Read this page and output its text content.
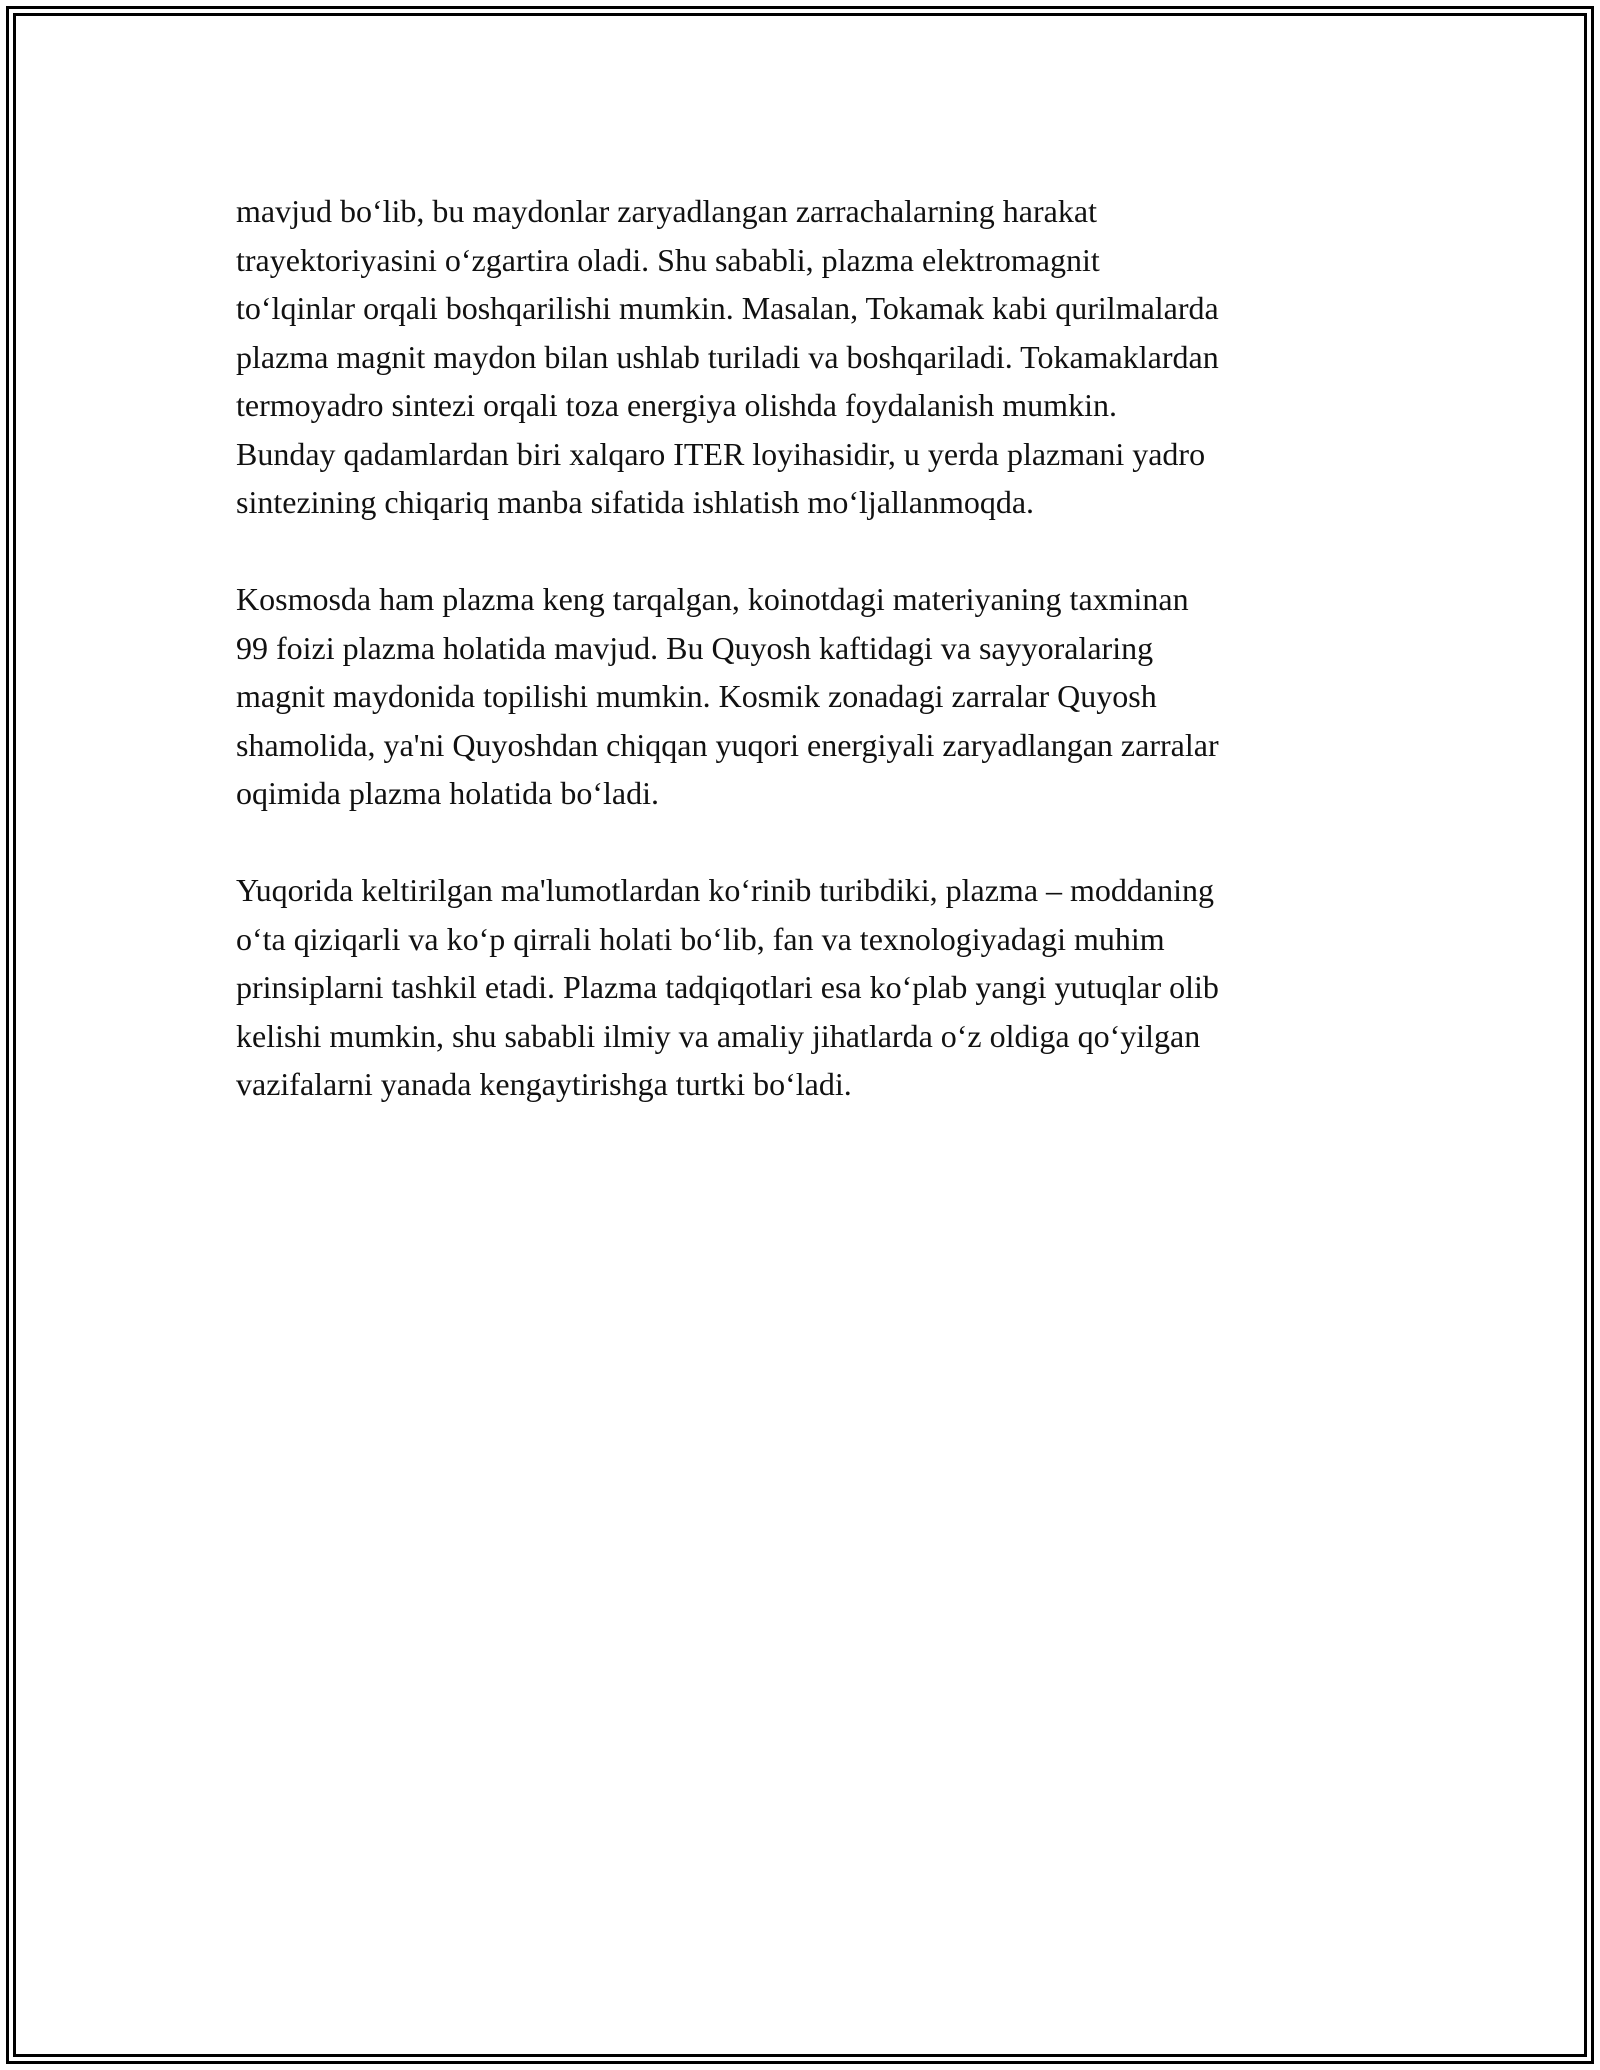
mavjud boʻlib, bu maydonlar zaryadlangan zarrachalarning harakat
trayektoriyasini oʻzgartira oladi. Shu sababli, plazma elektromagnit
toʻlqinlar orqali boshqarilishi mumkin. Masalan, Tokamak kabi qurilmalarda
plazma magnit maydon bilan ushlab turiladi va boshqariladi. Tokamaklardan
termoyadro sintezi orqali toza energiya olishda foydalanish mumkin.
Bunday qadamlardan biri xalqaro ITER loyihasidir, u yerda plazmani yadro
sintezining chiqariq manba sifatida ishlatish moʻljallanmoqda.

Kosmosda ham plazma keng tarqalgan, koinotdagi materiyaning taxminan
99 foizi plazma holatida mavjud. Bu Quyosh kaftidagi va sayyoralaring
magnit maydonida topilishi mumkin. Kosmik zonadagi zarralar Quyosh
shamolida, ya'ni Quyoshdan chiqqan yuqori energiyali zaryadlangan zarralar
oqimida plazma holatida boʻladi.

Yuqorida keltirilgan ma'lumotlardan koʻrinib turibdiki, plazma – moddaning
oʻta qiziqarli va koʻp qirrali holati boʻlib, fan va texnologiyadagi muhim
prinsiplarni tashkil etadi. Plazma tadqiqotlari esa koʻplab yangi yutuqlar olib
kelishi mumkin, shu sababli ilmiy va amaliy jihatlarda oʻz oldiga qoʻyilgan
vazifalarni yanada kengaytirishga turtki boʻladi.
